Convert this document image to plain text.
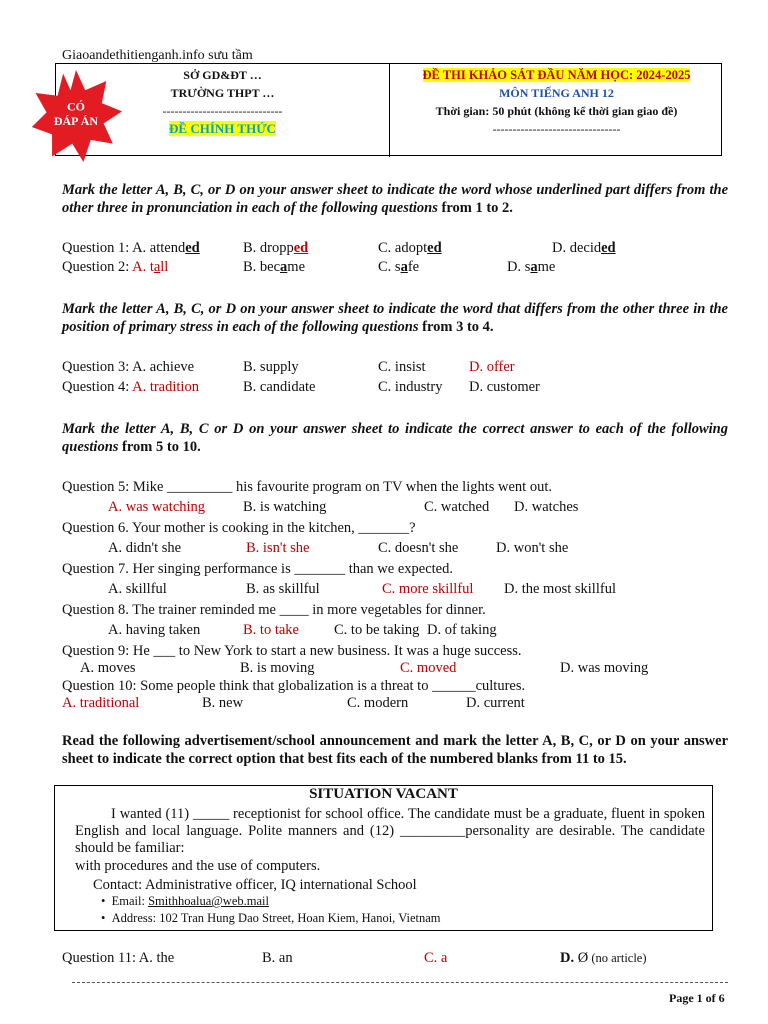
Giaoandethitienganh.info sưu tầm
SỞ GD&ĐT …
TRƯỜNG THPT …
------------------------------
ĐỀ CHÍNH THỨC
ĐỀ THI KHẢO SÁT ĐẦU NĂM HỌC: 2024-2025
MÔN TIẾNG ANH 12
Thời gian: 50 phút (không kể thời gian giao đề)
--------------------------------
CÓ
ĐÁP ÁN
Mark the letter A, B, C, or D on your answer sheet to indicate the word whose underlined part differs from the other three in pronunciation in each of the following questions from 1 to 2.
Question 1: A. attended	B. dropped	C. adopted	D. decided
Question 2: A. tall	B. became	C. safe	D. same
Mark the letter A, B, C, or D on your answer sheet to indicate the word that differs from the other three in the position of primary stress in each of the following questions from 3 to 4.
Question 3: A. achieve	B. supply	C. insist	D. offer
Question 4: A. tradition	B. candidate	C. industry D. customer
Mark the letter A, B, C or D on your answer sheet to indicate the correct answer to each of the following questions from 5 to 10.
Question 5: Mike _________ his favourite program on TV when the lights went out.
A. was watching	B. is watching	C. watched D. watches
Question 6. Your mother is cooking in the kitchen, _______?
A. didn't she	B. isn't she	C. doesn't she	D. won't she
Question 7. Her singing performance is _______ than we expected.
A. skillful	B. as skillful	C. more skillful D. the most skillful
Question 8. The trainer reminded me ____ in more vegetables for dinner.
A. having taken	B. to take C. to be taking D. of taking
Question 9: He ___ to New York to start a new business. It was a huge success.
A. moves	B. is moving	C. moved	D. was moving
Question 10: Some people think that globalization is a threat to ______cultures.
A. traditional	B. new	C. modern	D. current
Read the following advertisement/school announcement and mark the letter A, B, C, or D on your answer sheet to indicate the correct option that best fits each of the numbered blanks from 11 to 15.
SITUATION VACANT
I wanted (11) _____ receptionist for school office. The candidate must be a graduate, fluent in spoken English and local language. Polite manners and (12) _________personality are desirable. The candidate should be familiar:
with procedures and the use of computers.
Contact: Administrative officer, IQ international School
•  Email: Smithhoalua@web.mail
•  Address: 102 Tran Hung Dao Street, Hoan Kiem, Hanoi, Vietnam
Question 11: A. the	B. an	C. a	D. Ø (no article)
Page 1 of 6
